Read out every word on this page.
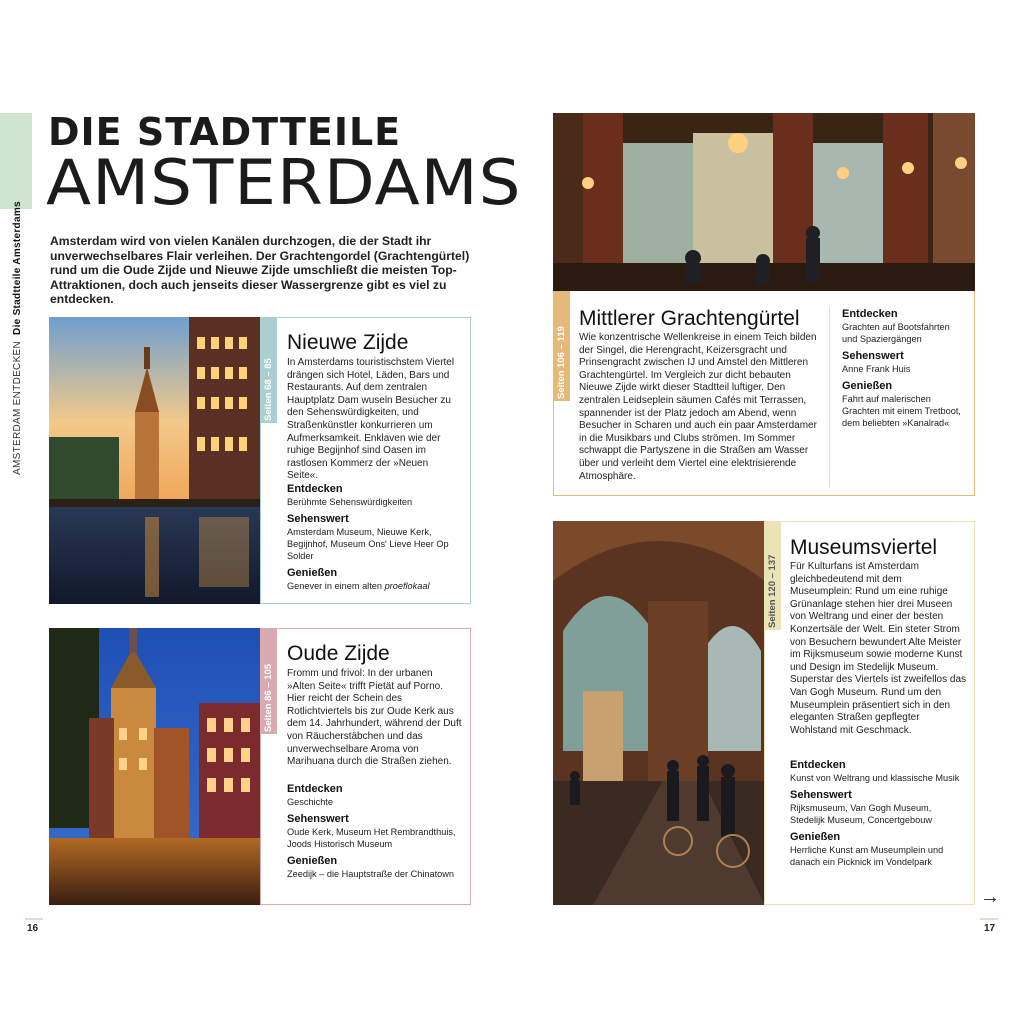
AMSTERDAM ENTDECKENDie Stadtteile Amsterdams
DIE STADTTEILE
AMSTERDAMS
Amsterdam wird von vielen Kanälen durchzogen, die der Stadt ihr unverwechselbares Flair verleihen. Der Grachtengordel (Grachtengürtel) rund um die Oude Zijde und Nieuwe Zijde umschließt die meisten Top-Attraktionen, doch auch jenseits dieser Wassergrenze gibt es viel zu entdecken.
Seiten 68 – 85
Nieuwe Zijde
In Amsterdams touristischstem Viertel drängen sich Hotel, Läden, Bars und Restaurants. Auf dem zentralen Hauptplatz Dam wuseln Besucher zu den Sehenswürdigkeiten, und Straßenkünstler konkurrieren um Aufmerksamkeit. Enklaven wie der ruhige Begijnhof sind Oasen im rastlosen Kommerz der »Neuen Seite«.
Entdecken
Berühmte Sehenswürdigkeiten
Sehenswert
Amsterdam Museum, Nieuwe Kerk, Begijnhof, Museum Ons' Lieve Heer Op Solder
Genießen
Genever in einem alten proeflokaal
Seiten 86 – 105
Oude Zijde
Fromm und frivol: In der urbanen »Alten Seite« trifft Pietät auf Porno. Hier reicht der Schein des Rotlichtviertels bis zur Oude Kerk aus dem 14. Jahrhundert, während der Duft von Räucherstäbchen und das unverwechselbare Aroma von Marihuana durch die Straßen ziehen.
Entdecken
Geschichte
Sehenswert
Oude Kerk, Museum Het Rembrandthuis, Joods Historisch Museum
Genießen
Zeedijk – die Hauptstraße der Chinatown
16
Seiten 106 – 119
Mittlerer Grachtengürtel
Wie konzentrische Wellenkreise in einem Teich bilden der Singel, die Herengracht, Keizersgracht und Prinsengracht zwischen IJ und Amstel den Mittleren Grachtengürtel. Im Vergleich zur dicht bebauten Nieuwe Zijde wirkt dieser Stadtteil luftiger. Den zentralen Leidseplein säumen Cafés mit Terrassen, spannender ist der Platz jedoch am Abend, wenn Besucher in Scharen und auch ein paar Amsterdamer in die Musikbars und Clubs strömen. Im Sommer schwappt die Partyszene in die Straßen am Wasser über und verleiht dem Viertel eine elektrisierende Atmosphäre.
Entdecken
Grachten auf Bootsfahrten und Spaziergängen
Sehenswert
Anne Frank Huis
Genießen
Fahrt auf malerischen Grachten mit einem Tretboot, dem beliebten »Kanalrad«
Seiten 120 – 137
Museumsviertel
Für Kulturfans ist Amsterdam gleichbedeutend mit dem Museumplein: Rund um eine ruhige Grünanlage stehen hier drei Museen von Weltrang und einer der besten Konzertsäle der Welt. Ein steter Strom von Besuchern bewundert Alte Meister im Rijksmuseum sowie moderne Kunst und Design im Stedelijk Museum. Superstar des Viertels ist zweifellos das Van Gogh Museum. Rund um den Museumplein präsentiert sich in den eleganten Straßen gepflegter Wohlstand mit Geschmack.
Entdecken
Kunst von Weltrang und klassische Musik
Sehenswert
Rijksmuseum, Van Gogh Museum, Stedelijk Museum, Concertgebouw
Genießen
Herrliche Kunst am Museumplein und danach ein Picknick im Vondelpark
→
17
